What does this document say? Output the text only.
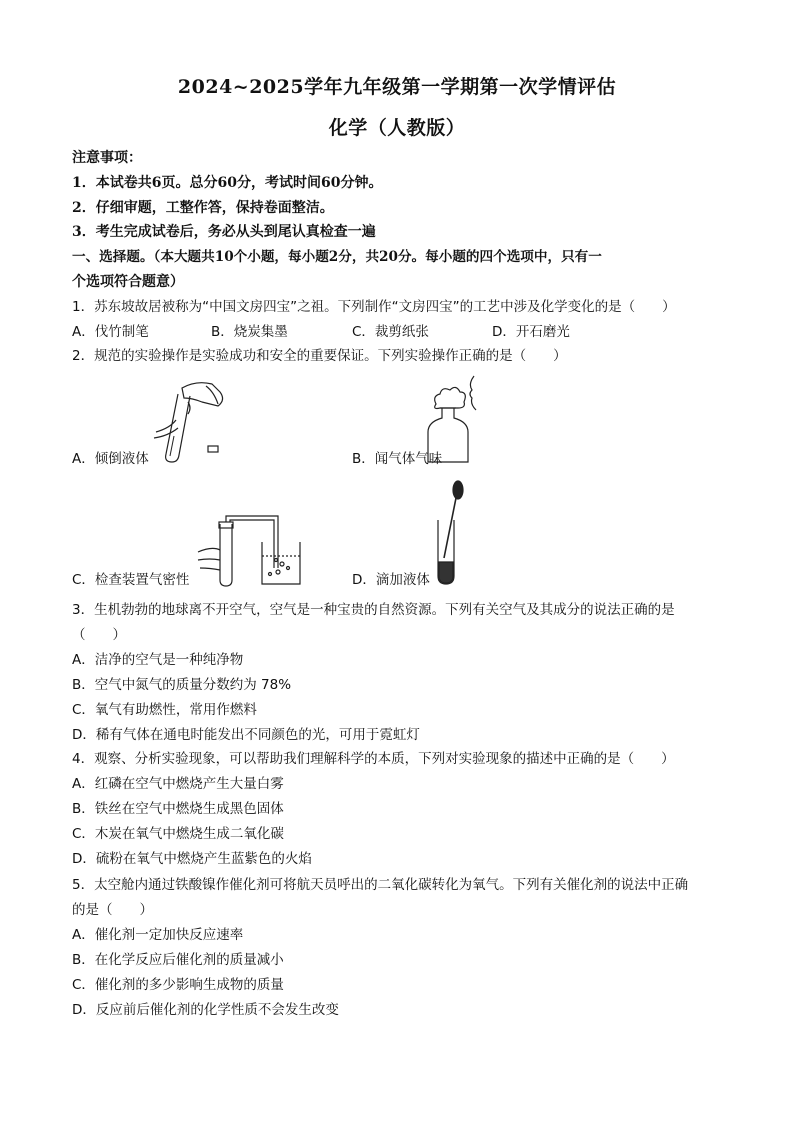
2024~2025学年九年级第一学期第一次学情评估
化学（人教版）
注意事项：
1．本试卷共6页。总分60分，考试时间60分钟。
2．仔细审题，工整作答，保持卷面整洁。
3．考生完成试卷后，务必从头到尾认真检查一遍
一、选择题。（本大题共10个小题，每小题2分，共20分。每小题的四个选项中，只有一
个选项符合题意）
1．苏东坡故居被称为“中国文房四宝”之祖。下列制作“文房四宝”的工艺中涉及化学变化的是（　　）
A．伐竹制笔	B．烧炭集墨	C．裁剪纸张	D．开石磨光
2．规范的实验操作是实验成功和安全的重要保证。下列实验操作正确的是（　　）
A．倾倒液体	B．闻气体气味
C．检查装置气密性	D．滴加液体
3．生机勃勃的地球离不开空气，空气是一种宝贵的自然资源。下列有关空气及其成分的说法正确的是
（　　）
A．洁净的空气是一种纯净物
B．空气中氮气的质量分数约为 78%
C．氧气有助燃性，常用作燃料
D．稀有气体在通电时能发出不同颜色的光，可用于霓虹灯
4．观察、分析实验现象，可以帮助我们理解科学的本质，下列对实验现象的描述中正确的是（　　）
A．红磷在空气中燃烧产生大量白雾
B．铁丝在空气中燃烧生成黑色固体
C．木炭在氧气中燃烧生成二氧化碳
D．硫粉在氧气中燃烧产生蓝紫色的火焰
5．太空舱内通过铁酸镍作催化剂可将航天员呼出的二氧化碳转化为氧气。下列有关催化剂的说法中正确
的是（　　）
A．催化剂一定加快反应速率
B．在化学反应后催化剂的质量减小
C．催化剂的多少影响生成物的质量
D．反应前后催化剂的化学性质不会发生改变
